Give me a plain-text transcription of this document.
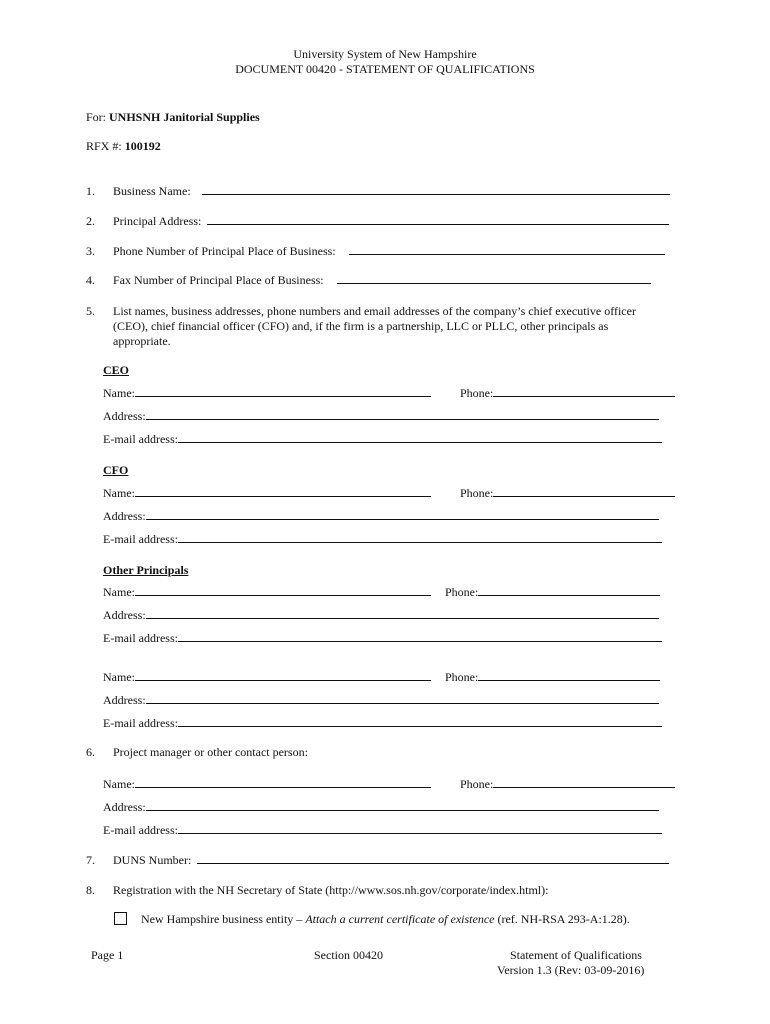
University System of New Hampshire
DOCUMENT 00420 - STATEMENT OF QUALIFICATIONS
For: UNHSNH Janitorial Supplies
RFX #: 100192
1. Business Name:
2. Principal Address:
3. Phone Number of Principal Place of Business:
4. Fax Number of Principal Place of Business:
5. List names, business addresses, phone numbers and email addresses of the company’s chief executive officer
(CEO), chief financial officer (CFO) and, if the firm is a partnership, LLC or PLLC, other principals as
appropriate.
CEO
Name:	Phone:
Address:
E-mail address:
CFO
Name:	Phone:
Address:
E-mail address:
Other Principals
Name:	Phone:
Address:
E-mail address:
Name:	Phone:
Address:
E-mail address:
6. Project manager or other contact person:
Name:	Phone:
Address:
E-mail address:
7. DUNS Number:
8. Registration with the NH Secretary of State (http://www.sos.nh.gov/corporate/index.html):
New Hampshire business entity – Attach a current certificate of existence (ref. NH-RSA 293-A:1.28).
Page 1	Section 00420	Statement of Qualifications
Version 1.3 (Rev: 03-09-2016)
